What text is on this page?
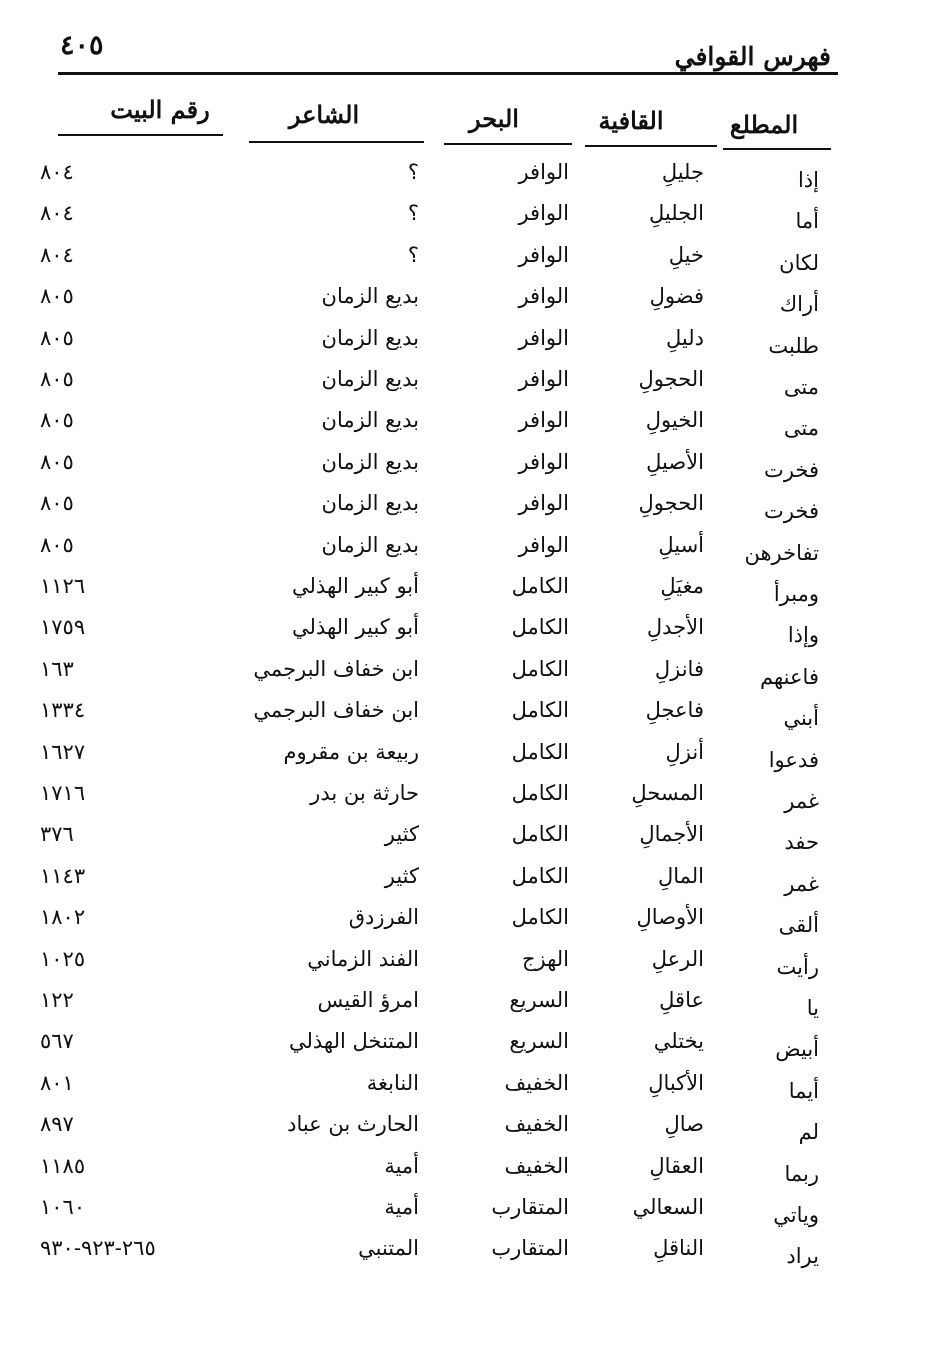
فهرس القوافي
٤٠٥
المطلع
القافية
البحر
الشاعر
رقم البيت
إذا
جليلِ
الوافر
؟
٨٠٤
أما
الجليلِ
الوافر
؟
٨٠٤
لكان
خيلِ
الوافر
؟
٨٠٤
أراك
فضولِ
الوافر
بديع الزمان
٨٠٥
طلبت
دليلِ
الوافر
بديع الزمان
٨٠٥
متى
الحجولِ
الوافر
بديع الزمان
٨٠٥
متى
الخيولِ
الوافر
بديع الزمان
٨٠٥
فخرت
الأصيلِ
الوافر
بديع الزمان
٨٠٥
فخرت
الحجولِ
الوافر
بديع الزمان
٨٠٥
تفاخرهن
أسيلِ
الوافر
بديع الزمان
٨٠٥
ومبرأ
مغيَلِ
الكامل
أبو كبير الهذلي
١١٢٦
وإذا
الأجدلِ
الكامل
أبو كبير الهذلي
١٧٥٩
فاعنهم
فانزلِ
الكامل
ابن خفاف البرجمي
١٦٣
أبني
فاعجلِ
الكامل
ابن خفاف البرجمي
١٣٣٤
فدعوا
أنزلِ
الكامل
ربيعة بن مقروم
١٦٢٧
غمر
المسحلِ
الكامل
حارثة بن بدر
١٧١٦
حفد
الأجمالِ
الكامل
كثير
٣٧٦
غمر
المالِ
الكامل
كثير
١١٤٣
ألقى
الأوصالِ
الكامل
الفرزدق
١٨٠٢
رأيت
الرعلِ
الهزج
الفند الزماني
١٠٢٥
يا
عاقلِ
السريع
امرؤ القيس
١٢٢
أبيض
يختلي
السريع
المتنخل الهذلي
٥٦٧
أيما
الأكبالِ
الخفيف
النابغة
٨٠١
لم
صالِ
الخفيف
الحارث بن عباد
٨٩٧
ربما
العقالِ
الخفيف
أمية
١١٨٥
وياتي
السعالي
المتقارب
أمية
١٠٦٠
يراد
الناقلِ
المتقارب
المتنبي
٢٦٥-٩٢٣-٩٣٠
